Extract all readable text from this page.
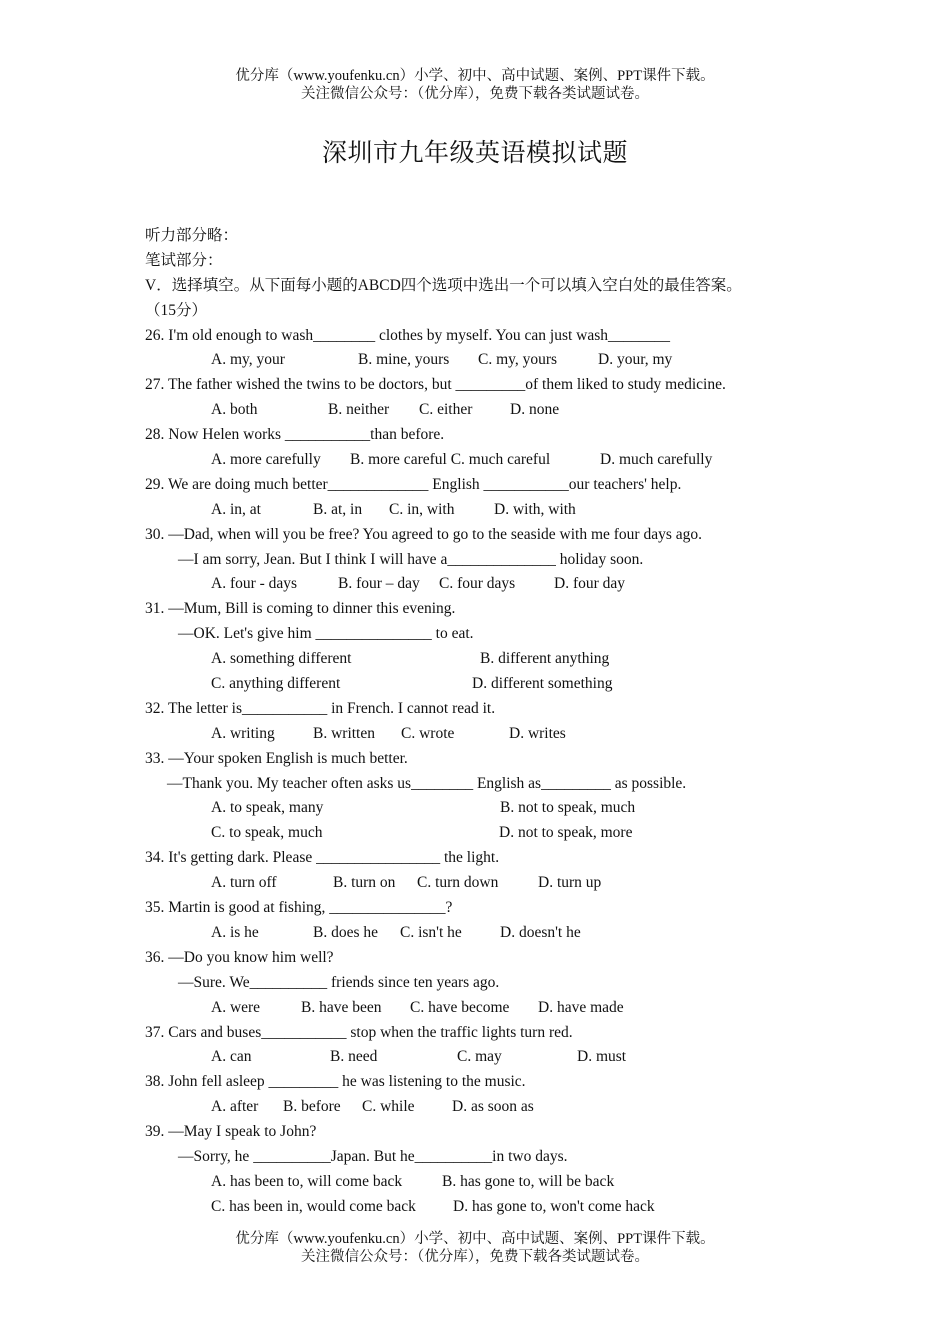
优分库（www.youfenku.cn）小学、初中、高中试题、案例、PPT课件下载。
关注微信公众号：（优分库），免费下载各类试题试卷。
深圳市九年级英语模拟试题
听力部分略：
笔试部分：
V．选择填空。从下面每小题的ABCD四个选项中选出一个可以填入空白处的最佳答案。
（15分）
26. I'm old enough to wash________ clothes by myself. You can just wash________
A. my, your	B. mine, yours C. my, yours	D. your, my
27. The father wished the twins to be doctors, but _________of them liked to study medicine.
A. both	B. neither C. either D. none
28. Now Helen works ___________than before.
A. more carefully B. more careful C. much careful	D. much carefully
29. We are doing much better_____________ English ___________our teachers' help.
A. in, at	B. at, in C. in, with	D. with, with
30. —Dad, when will you be free? You agreed to go to the seaside with me four days ago.
—I am sorry, Jean. But I think I will have a______________ holiday soon.
A. four - days	B. four – day C. four days	D. four day
31. —Mum, Bill is coming to dinner this evening.
—OK. Let's give him _______________ to eat.
A. something different	B. different anything
C. anything different	D. different something
32. The letter is___________ in French. I cannot read it.
A. writing B. written C. wrote	D. writes
33. —Your spoken English is much better.
—Thank you. My teacher often asks us________ English as_________ as possible.
A. to speak, many	B. not to speak, much
C. to speak, much	D. not to speak, more
34. It's getting dark. Please ________________ the light.
A. turn off	B. turn on C. turn down	D. turn up
35. Martin is good at fishing, _______________?
A. is he	B. does he C. isn't he D. doesn't he
36. —Do you know him well?
—Sure. We__________ friends since ten years ago.
A. were	B. have been C. have become D. have made
37. Cars and buses___________ stop when the traffic lights turn red.
A. can	B. need	C. may	D. must
38. John fell asleep _________ he was listening to the music.
A. after B. before C. while D. as soon as
39. —May I speak to John?
—Sorry, he __________Japan. But he__________in two days.
A. has been to, will come back	B. has gone to, will be back
C. has been in, would come back D. has gone to, won't come hack
优分库（www.youfenku.cn）小学、初中、高中试题、案例、PPT课件下载。
关注微信公众号：（优分库），免费下载各类试题试卷。
